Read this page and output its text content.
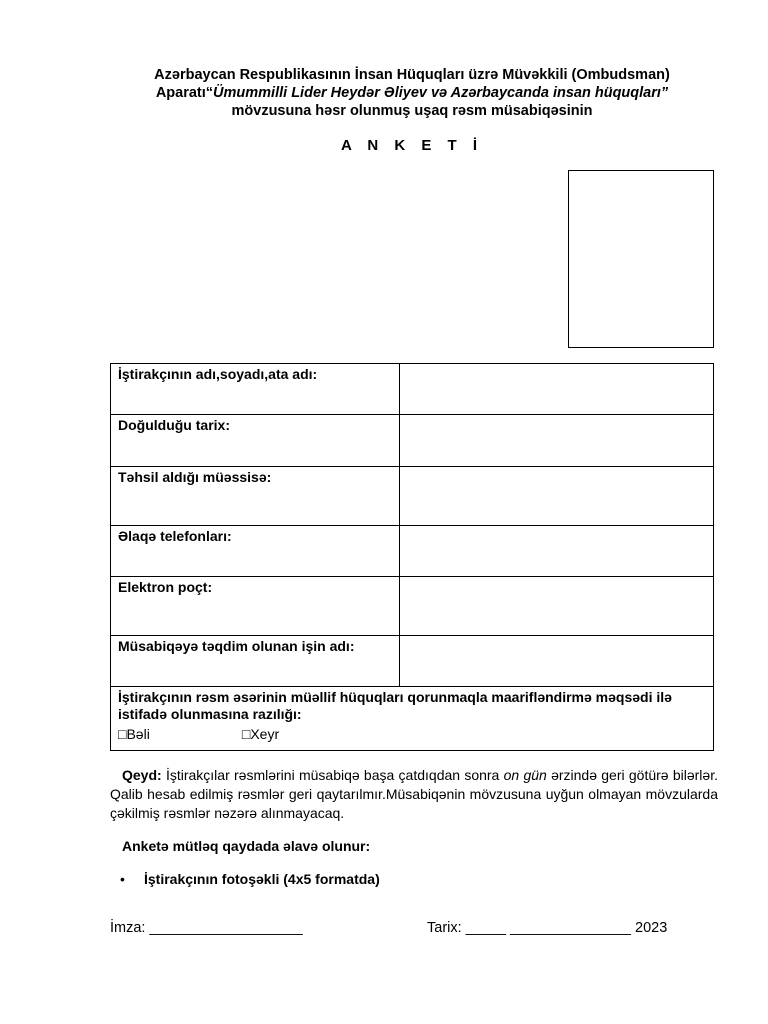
Azərbaycan Respublikasının İnsan Hüquqları üzrə Müvəkkili (Ombudsman)
Aparatı“Ümummilli Lider Heydər Əliyev və Azərbaycanda insan hüquqları”
mövzusuna həsr olunmuş uşaq rəsm müsabiqəsinin
A N K E T İ
İştirakçının adı,soyadı,ata adı:	
Doğulduğu tarix:	
Təhsil aldığı müəssisə:	
Əlaqə telefonları:	
Elektron poçt:	
Müsabiqəyə təqdim olunan işin adı:	

İştirakçının rəsm əsərinin müəllif hüquqları qorunmaqla maarifləndirmə məqsədi ilə istifadə olunmasına razılığı:
□Bəli □Xeyr	
Qeyd: İştirakçılar rəsmlərini müsabiqə başa çatdıqdan sonra on gün ərzində geri götürə bilərlər. Qalib hesab edilmiş rəsmlər geri qaytarılmır.Müsabiqənin mövzusuna uyğun olmayan mövzularda çəkilmiş rəsmlər nəzərə alınmayacaq.
Anketə mütləq qaydada əlavə olunur:
• İştirakçının fotoşəkli (4x5 formatda)
İmza: ___________________	Tarix: _____ _______________ 2023
